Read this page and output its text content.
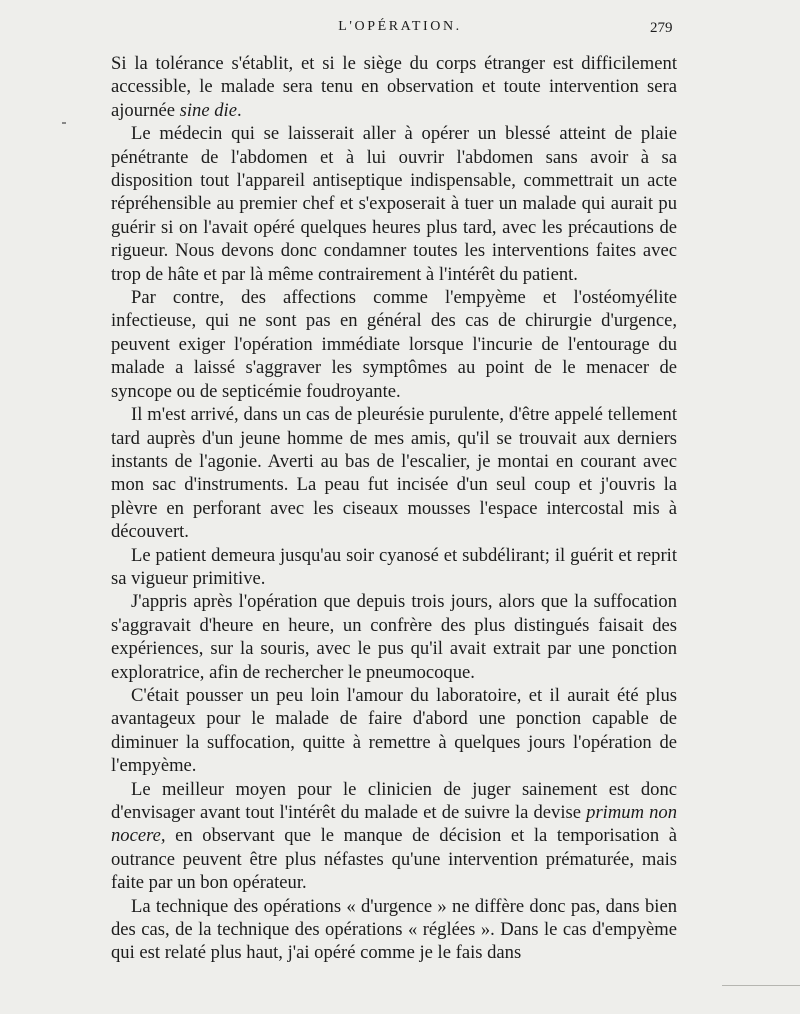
L'OPÉRATION.	279

Si la tolérance s'établit, et si le siège du corps étranger est difficilement accessible, le malade sera tenu en observation et toute intervention sera ajournée sine die.

Le médecin qui se laisserait aller à opérer un blessé atteint de plaie pénétrante de l'abdomen et à lui ouvrir l'abdomen sans avoir à sa disposition tout l'appareil antiseptique indispensable, commettrait un acte répréhensible au premier chef et s'exposerait à tuer un malade qui aurait pu guérir si on l'avait opéré quelques heures plus tard, avec les précautions de rigueur. Nous devons donc condamner toutes les interventions faites avec trop de hâte et par là même contrairement à l'intérêt du patient.

Par contre, des affections comme l'empyème et l'ostéomyélite infectieuse, qui ne sont pas en général des cas de chirurgie d'urgence, peuvent exiger l'opération immédiate lorsque l'incurie de l'entourage du malade a laissé s'aggraver les symptômes au point de le menacer de syncope ou de septicémie foudroyante.

Il m'est arrivé, dans un cas de pleurésie purulente, d'être appelé tellement tard auprès d'un jeune homme de mes amis, qu'il se trouvait aux derniers instants de l'agonie. Averti au bas de l'escalier, je montai en courant avec mon sac d'instruments. La peau fut incisée d'un seul coup et j'ouvris la plèvre en perforant avec les ciseaux mousses l'espace intercostal mis à découvert.

Le patient demeura jusqu'au soir cyanosé et subdélirant; il guérit et reprit sa vigueur primitive.

J'appris après l'opération que depuis trois jours, alors que la suffocation s'aggravait d'heure en heure, un confrère des plus distingués faisait des expériences, sur la souris, avec le pus qu'il avait extrait par une ponction exploratrice, afin de rechercher le pneumocoque.

C'était pousser un peu loin l'amour du laboratoire, et il aurait été plus avantageux pour le malade de faire d'abord une ponction capable de diminuer la suffocation, quitte à remettre à quelques jours l'opération de l'empyème.

Le meilleur moyen pour le clinicien de juger sainement est donc d'envisager avant tout l'intérêt du malade et de suivre la devise primum non nocere, en observant que le manque de décision et la temporisation à outrance peuvent être plus néfastes qu'une intervention prématurée, mais faite par un bon opérateur.

La technique des opérations « d'urgence » ne diffère donc pas, dans bien des cas, de la technique des opérations « réglées ». Dans le cas d'empyème qui est relaté plus haut, j'ai opéré comme je le fais dans
